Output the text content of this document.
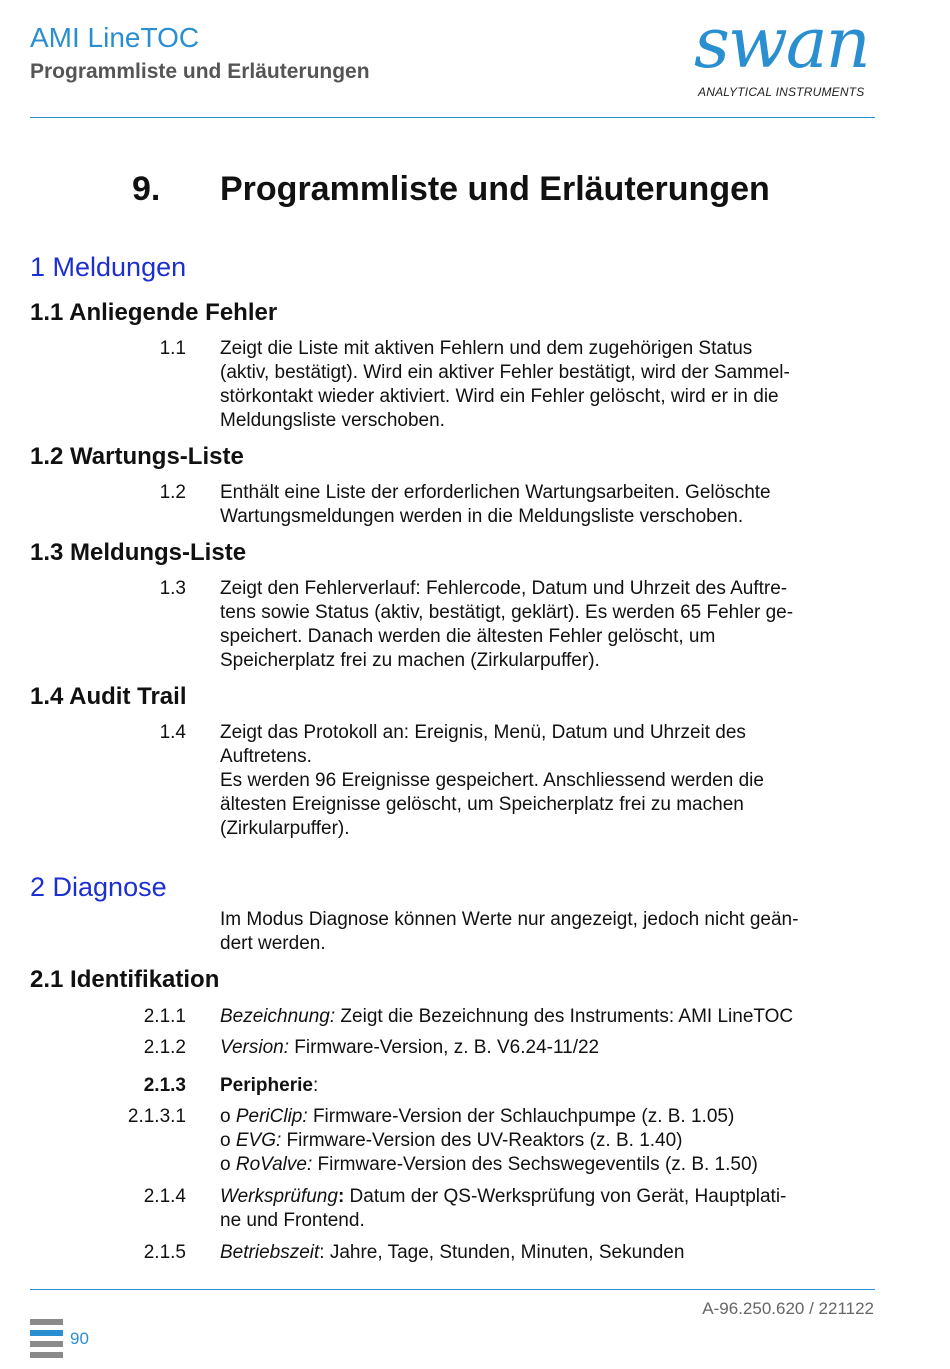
AMI LineTOC
Programmliste und Erläuterungen	swan
ANALYTICAL INSTRUMENTS
9. Programmliste und Erläuterungen
1 Meldungen
1.1 Anliegende Fehler
1.1 Zeigt die Liste mit aktiven Fehlern und dem zugehörigen Status

(aktiv, bestätigt). Wird ein aktiver Fehler bestätigt, wird der Sammel-

störkontakt wieder aktiviert. Wird ein Fehler gelöscht, wird er in die

Meldungsliste verschoben.

1.2 Wartungs-Liste
1.2 Enthält eine Liste der erforderlichen Wartungsarbeiten. Gelöschte

Wartungsmeldungen werden in die Meldungsliste verschoben.

1.3 Meldungs-Liste
1.3 Zeigt den Fehlerverlauf: Fehlercode, Datum und Uhrzeit des Auftre-

tens sowie Status (aktiv, bestätigt, geklärt). Es werden 65 Fehler ge-

speichert. Danach werden die ältesten Fehler gelöscht, um

Speicherplatz frei zu machen (Zirkularpuffer).

1.4 Audit Trail
1.4 Zeigt das Protokoll an: Ereignis, Menü, Datum und Uhrzeit des

Auftretens.

Es werden 96 Ereignisse gespeichert. Anschliessend werden die

ältesten Ereignisse gelöscht, um Speicherplatz frei zu machen

(Zirkularpuffer).

2 Diagnose

Im Modus Diagnose können Werte nur angezeigt, jedoch nicht geän-

dert werden.

2.1 Identifikation
2.1.1 Bezeichnung: Zeigt die Bezeichnung des Instruments: AMI LineTOC
2.1.2 Version: Firmware-Version, z. B. V6.24-11/22
2.1.3 Peripherie:
2.1.3.1 ο PeriClip: Firmware-Version der Schlauchpumpe (z. B. 1.05)

ο EVG: Firmware-Version des UV-Reaktors (z. B. 1.40)

ο RoValve: Firmware-Version des Sechswegeventils (z. B. 1.50)

2.1.4 Werksprüfung: Datum der QS-Werksprüfung von Gerät, Hauptplati-

ne und Frontend.

2.1.5 Betriebszeit: Jahre, Tage, Stunden, Minuten, Sekunden
A-96.250.620 / 221122
90
